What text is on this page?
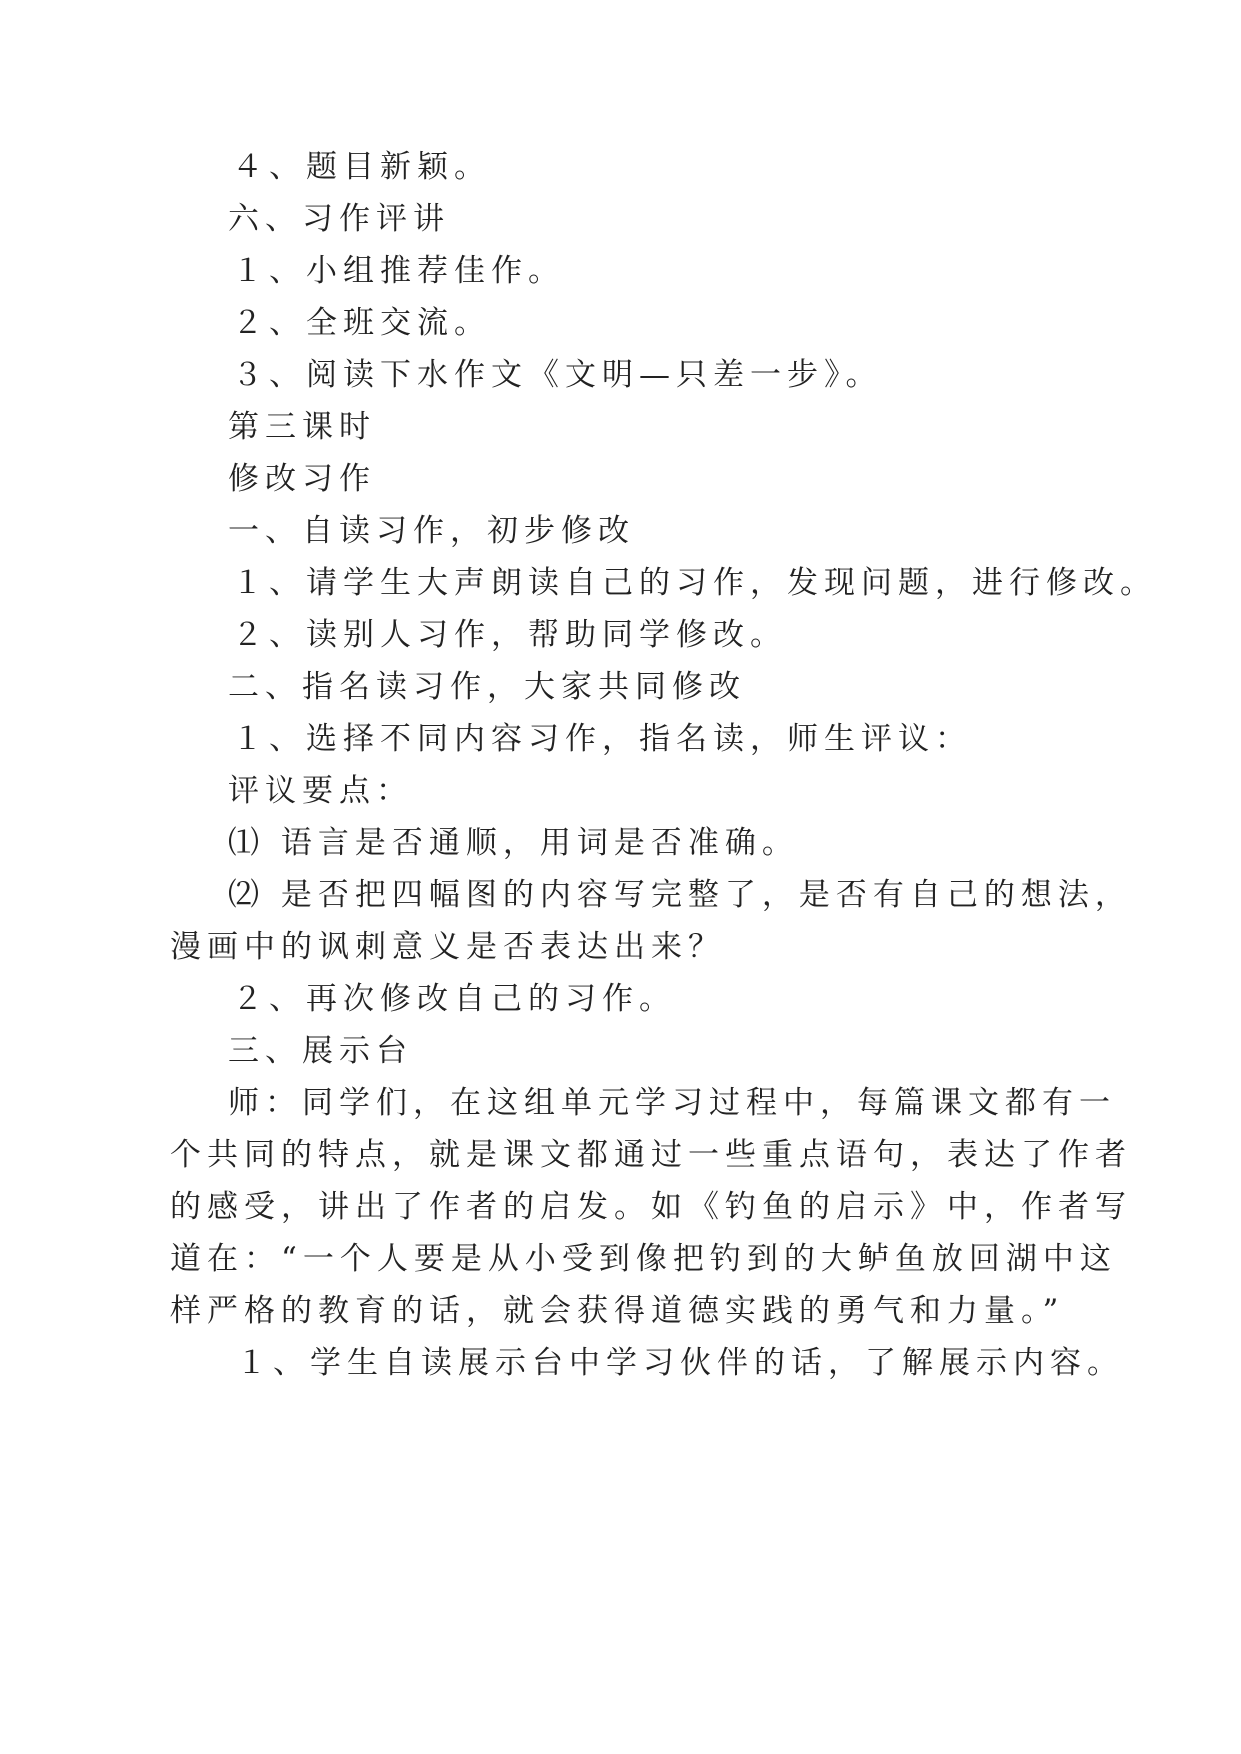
４、题目新颖。
六、习作评讲
１、小组推荐佳作。
２、全班交流。
３、阅读下水作文《文明—只差一步》。
第三课时
修改习作
一、自读习作，初步修改
１、请学生大声朗读自己的习作，发现问题，进行修改。
２、读别人习作，帮助同学修改。
二、指名读习作，大家共同修改
１、选择不同内容习作，指名读，师生评议：
评议要点：
⑴ 语言是否通顺，用词是否准确。
⑵ 是否把四幅图的内容写完整了，是否有自己的想法，
漫画中的讽刺意义是否表达出来？
２、再次修改自己的习作。
三、展示台
师：同学们，在这组单元学习过程中，每篇课文都有一
个共同的特点，就是课文都通过一些重点语句，表达了作者
的感受，讲出了作者的启发。如《钓鱼的启示》中，作者写
道在：“一个人要是从小受到像把钓到的大鲈鱼放回湖中这
样严格的教育的话，就会获得道德实践的勇气和力量。”
１、学生自读展示台中学习伙伴的话，了解展示内容。
